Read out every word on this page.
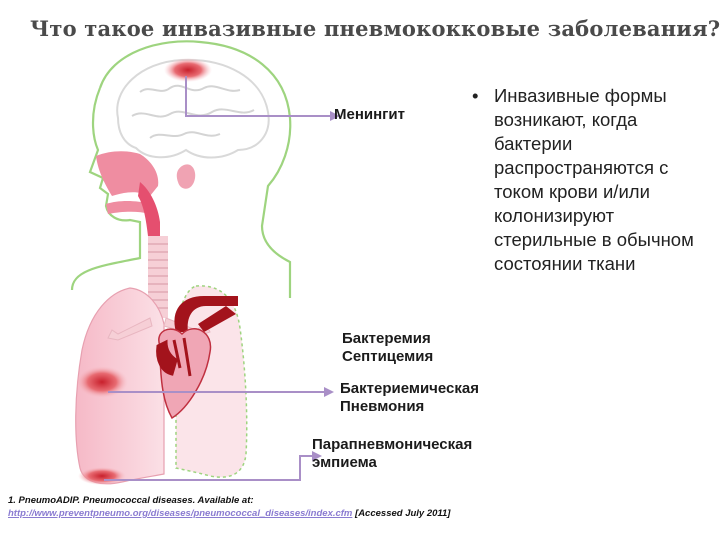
Что такое инвазивные пневмококковые заболевания?
Менингит
Бактеремия
Септицемия
Бактериемическая
Пневмония
Парапневмоническая
эмпиема
• Инвазивные формы возникают, когда бактерии распространяются с током крови и/или колонизируют стерильные в обычном состоянии ткани
1. PneumoADIP. Pneumococcal diseases. Available at:
http://www.preventpneumo.org/diseases/pneumococcal_diseases/index.cfm [Accessed July 2011]
